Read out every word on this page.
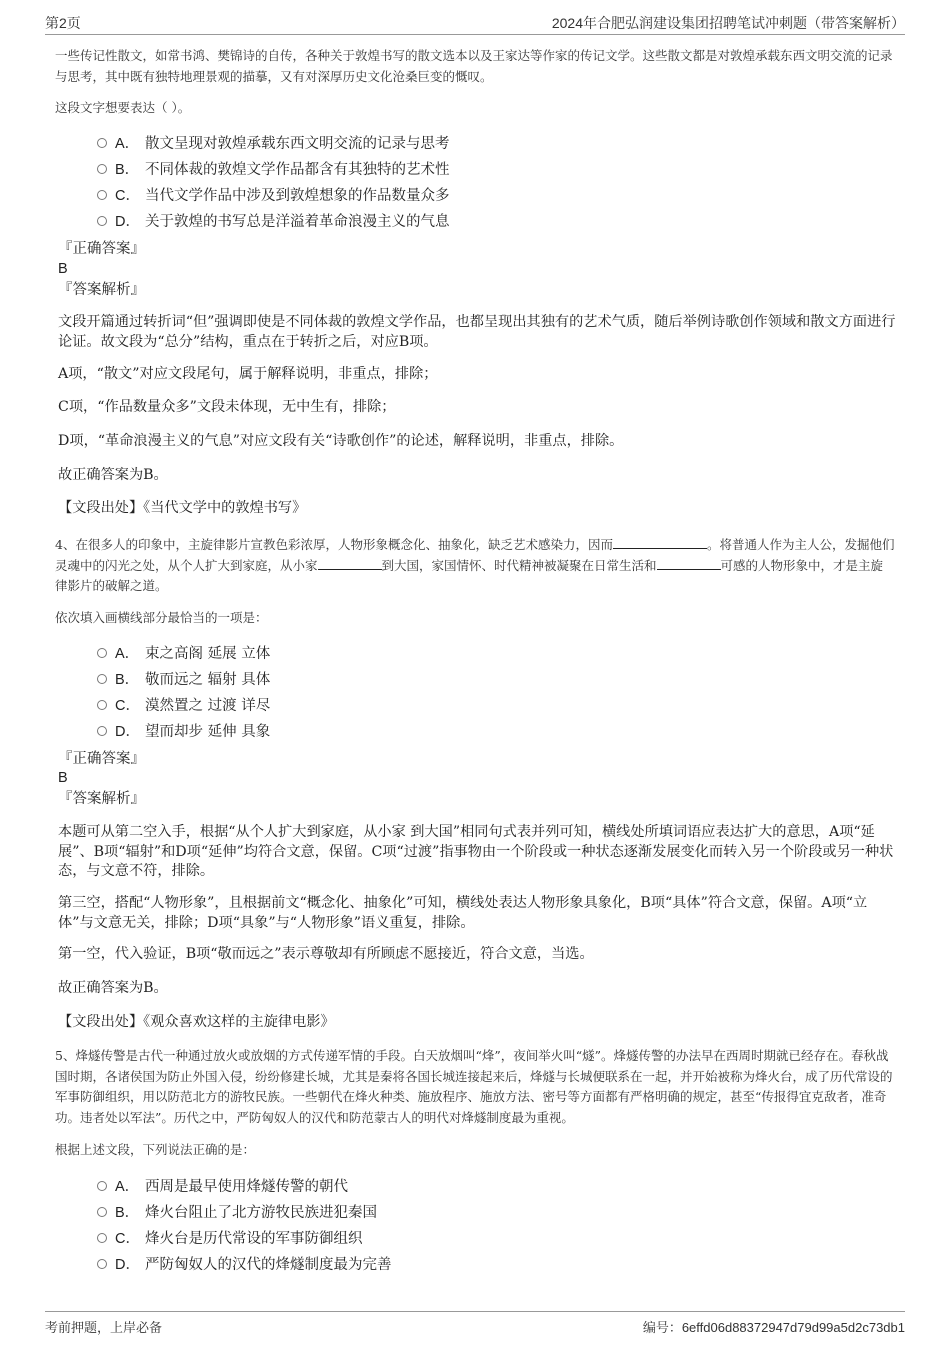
第2页	2024年合肥弘润建设集团招聘笔试冲刺题（带答案解析）
一些传记性散文，如常书鸿、樊锦诗的自传，各种关于敦煌书写的散文选本以及王家达等作家的传记文学。这些散文都是对敦煌承载东西文明交流的记录与思考，其中既有独特地理景观的描摹，又有对深厚历史文化沧桑巨变的慨叹。
这段文字想要表达（ ）。
A． 散文呈现对敦煌承载东西文明交流的记录与思考
B． 不同体裁的敦煌文学作品都含有其独特的艺术性
C． 当代文学作品中涉及到敦煌想象的作品数量众多
D． 关于敦煌的书写总是洋溢着革命浪漫主义的气息
『正确答案』
B
『答案解析』
文段开篇通过转折词“但”强调即使是不同体裁的敦煌文学作品，也都呈现出其独有的艺术气质，随后举例诗歌创作领域和散文方面进行论证。故文段为“总分”结构，重点在于转折之后，对应B项。
A项，“散文”对应文段尾句，属于解释说明，非重点，排除；
C项，“作品数量众多”文段未体现，无中生有，排除；
D项，“革命浪漫主义的气息”对应文段有关“诗歌创作”的论述，解释说明，非重点，排除。
故正确答案为B。
【文段出处】《当代文学中的敦煌书写》
4、在很多人的印象中，主旋律影片宣教色彩浓厚，人物形象概念化、抽象化，缺乏艺术感染力，因而	。将普通人作为主人公，发掘他们灵魂中的闪光之处，从个人扩大到家庭，从小家	到大国，家国情怀、时代精神被凝聚在日常生活和	可感的人物形象中，才是主旋律影片的破解之道。
依次填入画横线部分最恰当的一项是：
A． 束之高阁 延展 立体
B． 敬而远之 辐射 具体
C． 漠然置之 过渡 详尽
D． 望而却步 延伸 具象
『正确答案』
B
『答案解析』
本题可从第二空入手，根据“从个人扩大到家庭，从小家 到大国”相同句式表并列可知，横线处所填词语应表达扩大的意思，A项“延展”、B项“辐射”和D项“延伸”均符合文意，保留。C项“过渡”指事物由一个阶段或一种状态逐渐发展变化而转入另一个阶段或另一种状态，与文意不符，排除。
第三空，搭配“人物形象”，且根据前文“概念化、抽象化”可知，横线处表达人物形象具象化，B项“具体”符合文意，保留。A项“立体”与文意无关，排除；D项“具象”与“人物形象”语义重复，排除。
第一空，代入验证，B项“敬而远之”表示尊敬却有所顾虑不愿接近，符合文意，当选。
故正确答案为B。
【文段出处】《观众喜欢这样的主旋律电影》
5、烽燧传警是古代一种通过放火或放烟的方式传递军情的手段。白天放烟叫“烽”，夜间举火叫“燧”。烽燧传警的办法早在西周时期就已经存在。春秋战国时期，各诸侯国为防止外国入侵，纷纷修建长城，尤其是秦将各国长城连接起来后，烽燧与长城便联系在一起，并开始被称为烽火台，成了历代常设的军事防御组织，用以防范北方的游牧民族。一些朝代在烽火种类、施放程序、施放方法、密号等方面都有严格明确的规定，甚至“传报得宜克敌者，准奇功。违者处以军法”。历代之中，严防匈奴人的汉代和防范蒙古人的明代对烽燧制度最为重视。
根据上述文段，下列说法正确的是：
A． 西周是最早使用烽燧传警的朝代
B． 烽火台阻止了北方游牧民族进犯秦国
C． 烽火台是历代常设的军事防御组织
D． 严防匈奴人的汉代的烽燧制度最为完善
考前押题，上岸必备	编号：6effd06d88372947d79d99a5d2c73db1
